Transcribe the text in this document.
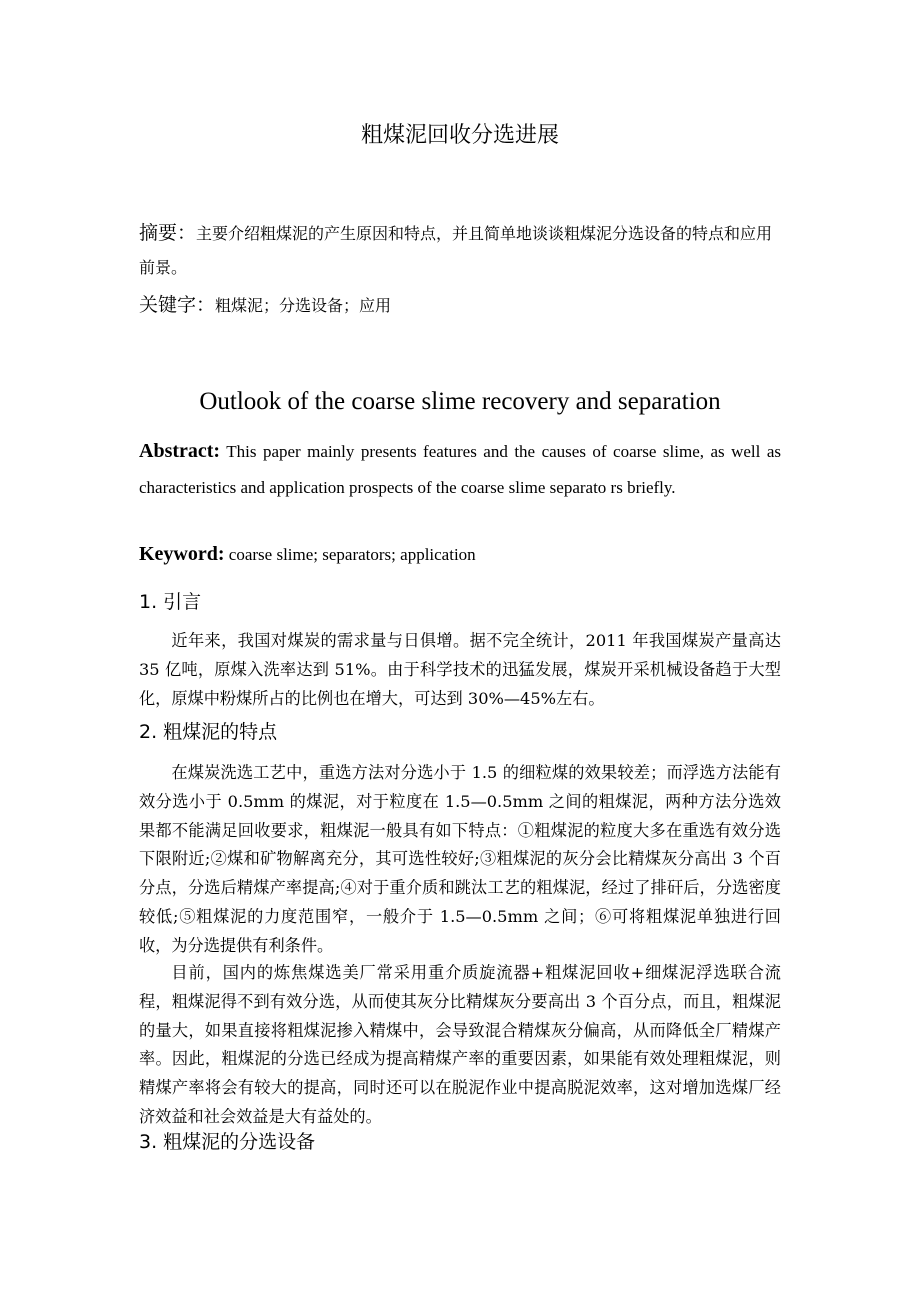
粗煤泥回收分选进展
摘要：主要介绍粗煤泥的产生原因和特点，并且简单地谈谈粗煤泥分选设备的特点和应用前景。
关键字：粗煤泥；分选设备；应用
Outlook of the coarse slime recovery and separation
Abstract: This paper mainly presents features and the causes of coarse slime, as well as characteristics and application prospects of the coarse slime separato rs briefly.
Keyword: coarse slime; separators; application
1. 引言
近年来，我国对煤炭的需求量与日俱增。据不完全统计，2011 年我国煤炭产量高达 35 亿吨，原煤入洗率达到 51%。由于科学技术的迅猛发展，煤炭开采机械设备趋于大型化，原煤中粉煤所占的比例也在增大，可达到 30%—45%左右。
2. 粗煤泥的特点
在煤炭洗选工艺中，重选方法对分选小于 1.5 的细粒煤的效果较差；而浮选方法能有效分选小于 0.5mm 的煤泥，对于粒度在 1.5—0.5mm 之间的粗煤泥，两种方法分选效果都不能满足回收要求，粗煤泥一般具有如下特点：①粗煤泥的粒度大多在重选有效分选下限附近;②煤和矿物解离充分，其可选性较好;③粗煤泥的灰分会比精煤灰分高出 3 个百分点，分选后精煤产率提高;④对于重介质和跳汰工艺的粗煤泥，经过了排矸后，分选密度较低;⑤粗煤泥的力度范围窄，一般介于 1.5—0.5mm 之间；⑥可将粗煤泥单独进行回收，为分选提供有利条件。
目前，国内的炼焦煤选美厂常采用重介质旋流器+粗煤泥回收+细煤泥浮选联合流程，粗煤泥得不到有效分选，从而使其灰分比精煤灰分要高出 3 个百分点，而且，粗煤泥的量大，如果直接将粗煤泥掺入精煤中，会导致混合精煤灰分偏高，从而降低全厂精煤产率。因此，粗煤泥的分选已经成为提高精煤产率的重要因素，如果能有效处理粗煤泥，则精煤产率将会有较大的提高，同时还可以在脱泥作业中提高脱泥效率，这对增加选煤厂经济效益和社会效益是大有益处的。
3. 粗煤泥的分选设备
